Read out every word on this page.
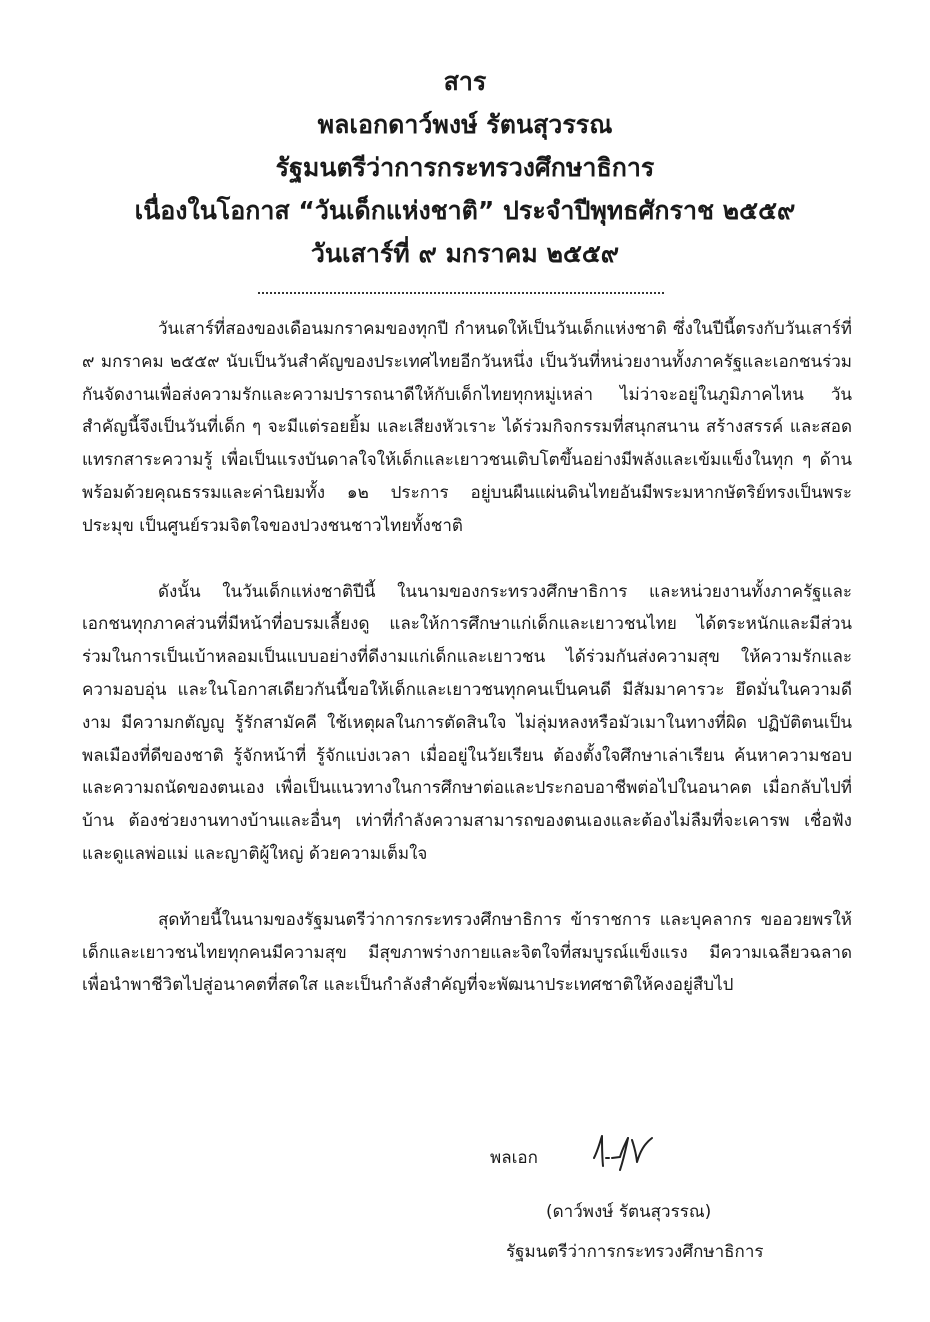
สาร
พลเอกดาว์พงษ์ รัตนสุวรรณ
รัฐมนตรีว่าการกระทรวงศึกษาธิการ
เนื่องในโอกาส “วันเด็กแห่งชาติ” ประจำปีพุทธศักราช ๒๕๕๙
วันเสาร์ที่ ๙ มกราคม ๒๕๕๙

วันเสาร์ที่สองของเดือนมกราคมของทุกปี กำหนดให้เป็นวันเด็กแห่งชาติ ซึ่งในปีนี้ตรงกับวันเสาร์ที่ ๙ มกราคม ๒๕๕๙ นับเป็นวันสำคัญของประเทศไทยอีกวันหนึ่ง เป็นวันที่หน่วยงานทั้งภาครัฐและเอกชนร่วมกันจัดงานเพื่อส่งความรักและความปรารถนาดีให้กับเด็กไทยทุกหมู่เหล่า ไม่ว่าจะอยู่ในภูมิภาคไหน วันสำคัญนี้จึงเป็นวันที่เด็ก ๆ จะมีแต่รอยยิ้ม และเสียงหัวเราะ ได้ร่วมกิจกรรมที่สนุกสนาน สร้างสรรค์ และสอดแทรกสาระความรู้ เพื่อเป็นแรงบันดาลใจให้เด็กและเยาวชนเติบโตขึ้นอย่างมีพลังและเข้มแข็งในทุก ๆ ด้าน พร้อมด้วยคุณธรรมและค่านิยมทั้ง ๑๒ ประการ อยู่บนผืนแผ่นดินไทยอันมีพระมหากษัตริย์ทรงเป็นพระประมุข เป็นศูนย์รวมจิตใจของปวงชนชาวไทยทั้งชาติ

ดังนั้น ในวันเด็กแห่งชาติปีนี้ ในนามของกระทรวงศึกษาธิการ และหน่วยงานทั้งภาครัฐและเอกชนทุกภาคส่วนที่มีหน้าที่อบรมเลี้ยงดู และให้การศึกษาแก่เด็กและเยาวชนไทย ได้ตระหนักและมีส่วนร่วมในการเป็นเบ้าหลอมเป็นแบบอย่างที่ดีงามแก่เด็กและเยาวชน ได้ร่วมกันส่งความสุข ให้ความรักและความอบอุ่น และในโอกาสเดียวกันนี้ขอให้เด็กและเยาวชนทุกคนเป็นคนดี มีสัมมาคารวะ ยึดมั่นในความดีงาม มีความกตัญญู รู้รักสามัคคี ใช้เหตุผลในการตัดสินใจ ไม่ลุ่มหลงหรือมัวเมาในทางที่ผิด ปฏิบัติตนเป็นพลเมืองที่ดีของชาติ รู้จักหน้าที่ รู้จักแบ่งเวลา เมื่ออยู่ในวัยเรียน ต้องตั้งใจศึกษาเล่าเรียน ค้นหาความชอบและความถนัดของตนเอง เพื่อเป็นแนวทางในการศึกษาต่อและประกอบอาชีพต่อไปในอนาคต เมื่อกลับไปที่บ้าน ต้องช่วยงานทางบ้านและอื่นๆ เท่าที่กำลังความสามารถของตนเองและต้องไม่ลืมที่จะเคารพ เชื่อฟัง และดูแลพ่อแม่ และญาติผู้ใหญ่ ด้วยความเต็มใจ

สุดท้ายนี้ในนามของรัฐมนตรีว่าการกระทรวงศึกษาธิการ ข้าราชการ และบุคลากร ขออวยพรให้เด็กและเยาวชนไทยทุกคนมีความสุข มีสุขภาพร่างกายและจิตใจที่สมบูรณ์แข็งแรง มีความเฉลียวฉลาด เพื่อนำพาชีวิตไปสู่อนาคตที่สดใส และเป็นกำลังสำคัญที่จะพัฒนาประเทศชาติให้คงอยู่สืบไป

พลเอก
(ดาว์พงษ์ รัตนสุวรรณ)
รัฐมนตรีว่าการกระทรวงศึกษาธิการ
